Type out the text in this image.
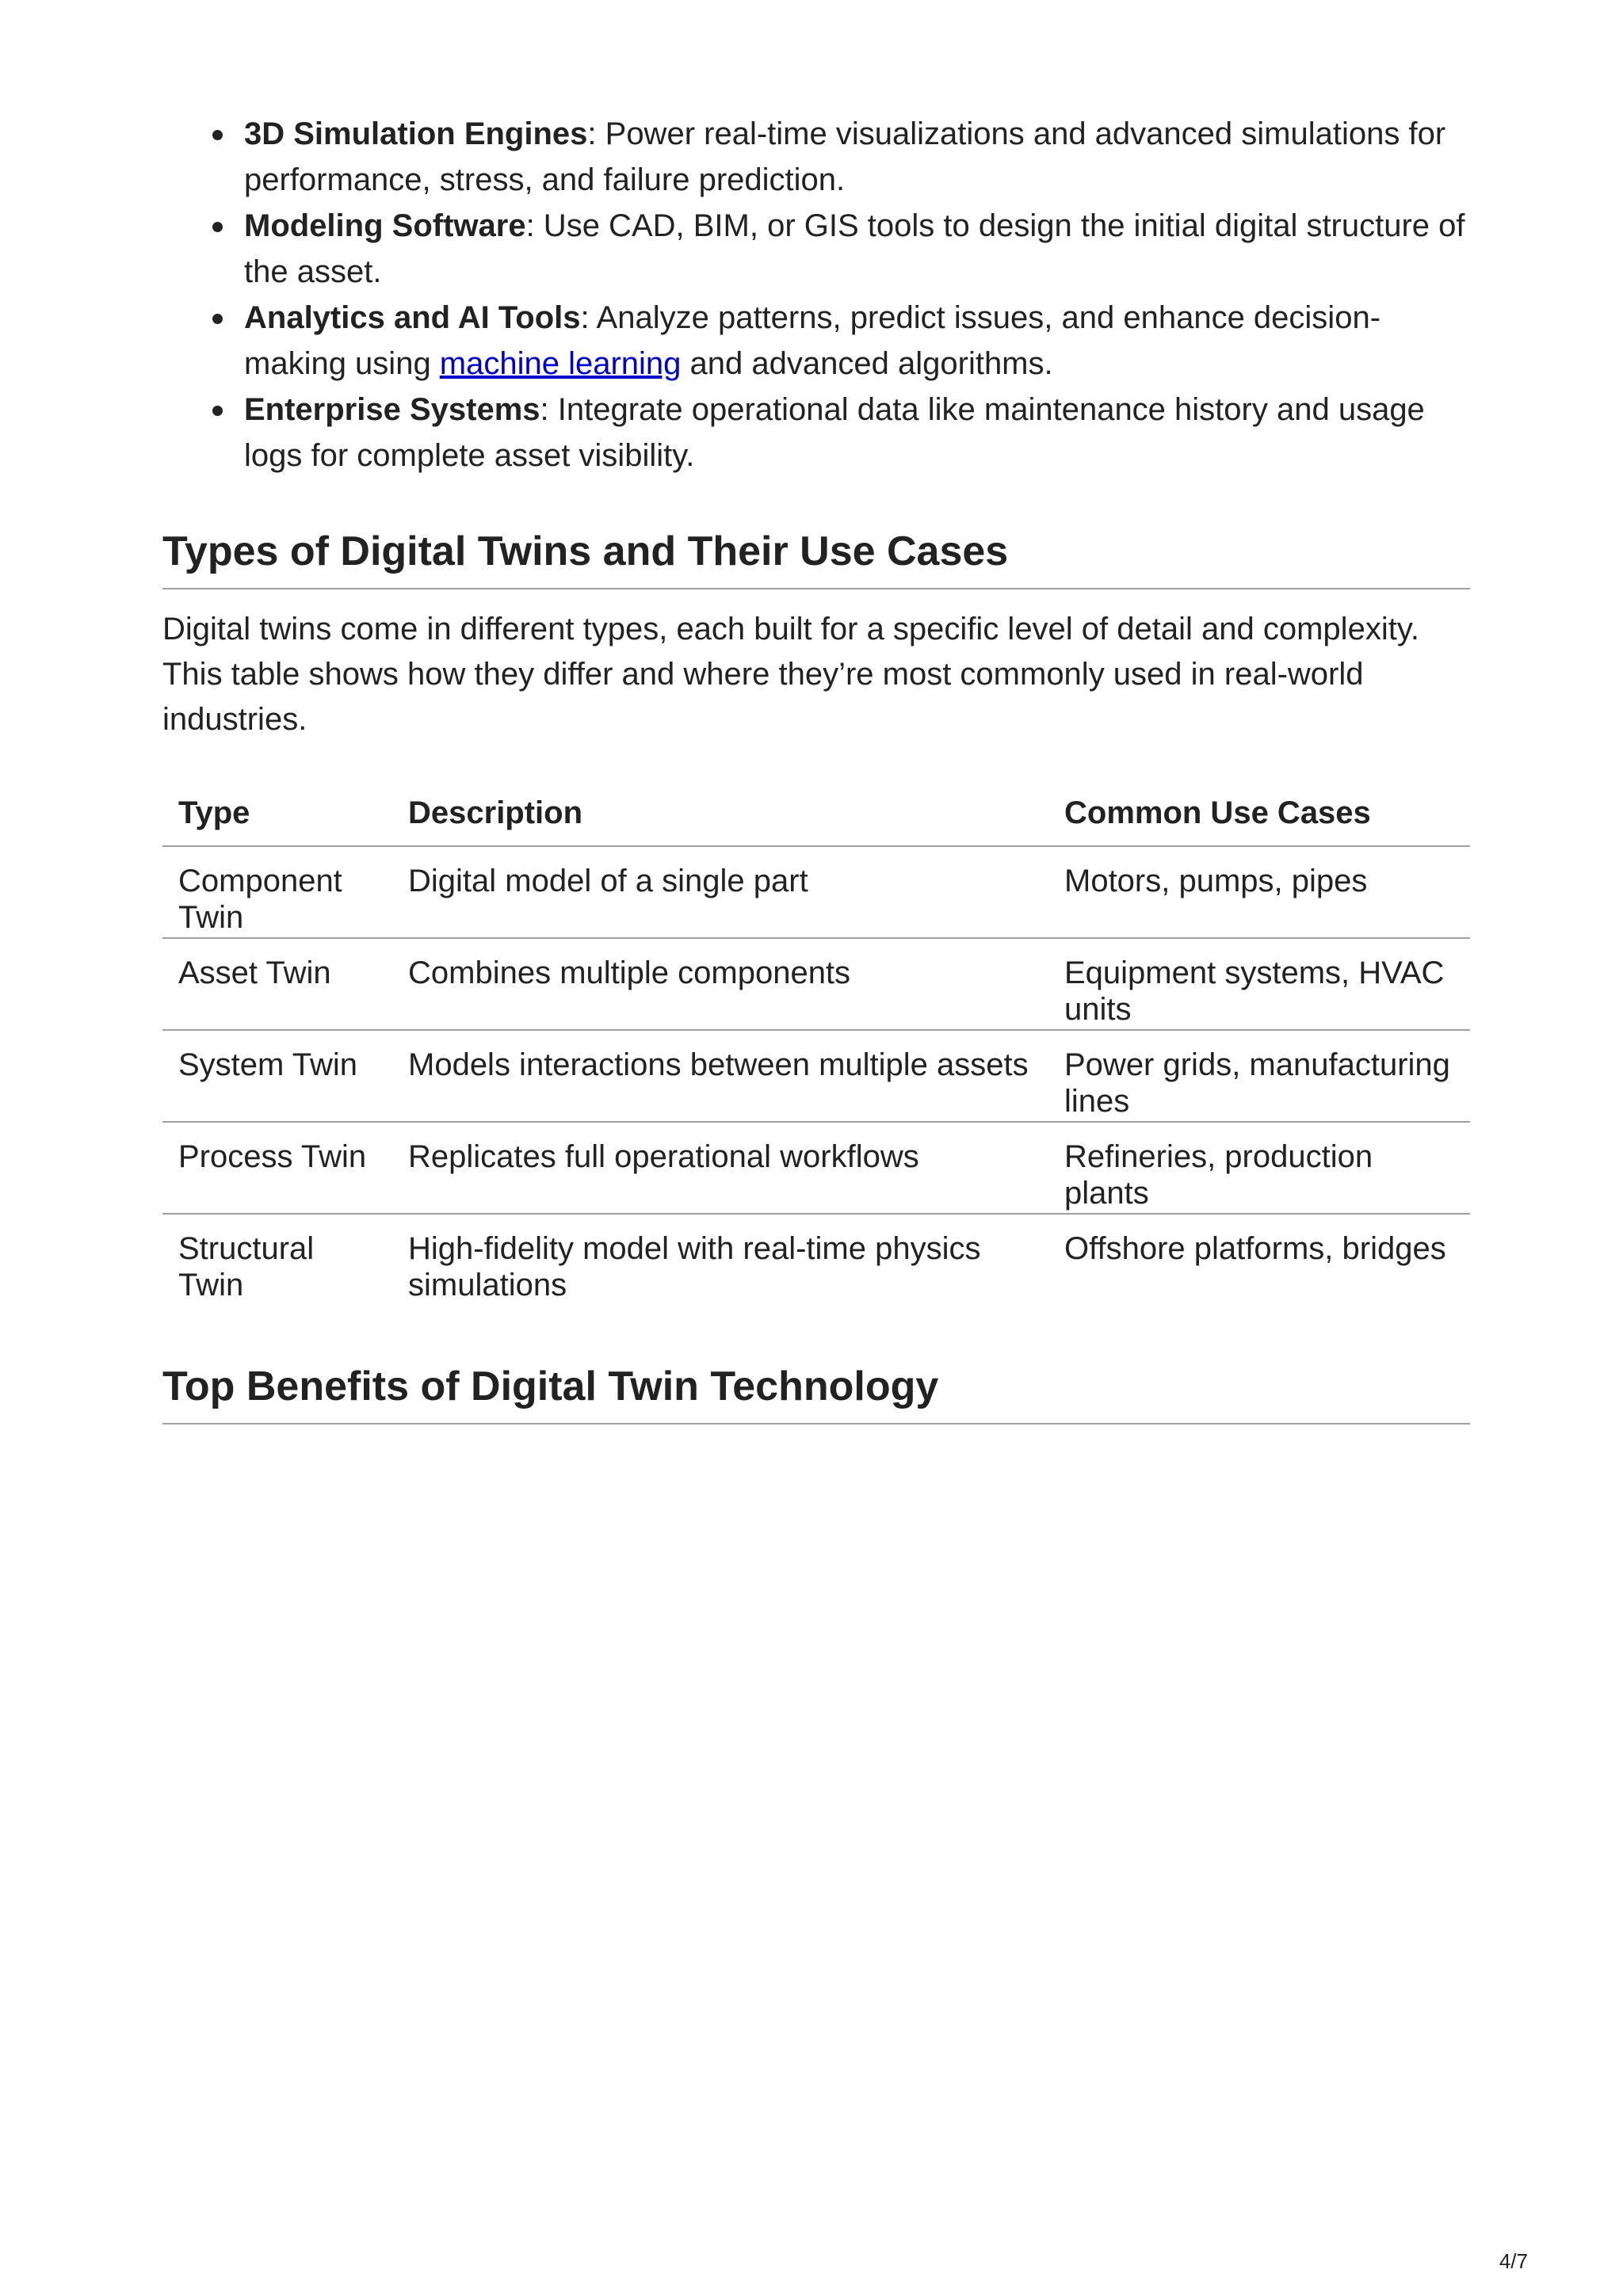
3D Simulation Engines: Power real-time visualizations and advanced simulations for performance, stress, and failure prediction.
Modeling Software: Use CAD, BIM, or GIS tools to design the initial digital structure of the asset.
Analytics and AI Tools: Analyze patterns, predict issues, and enhance decision-making using machine learning and advanced algorithms.
Enterprise Systems: Integrate operational data like maintenance history and usage logs for complete asset visibility.
Types of Digital Twins and Their Use Cases

Digital twins come in different types, each built for a specific level of detail and complexity. This table shows how they differ and where they’re most commonly used in real-world industries.

Type	Description	Common Use Cases
Component Twin	Digital model of a single part	Motors, pumps, pipes
Asset Twin	Combines multiple components	Equipment systems, HVAC units
System Twin	Models interactions between multiple assets	Power grids, manufacturing lines
Process Twin	Replicates full operational workflows	Refineries, production plants
Structural Twin	High-fidelity model with real-time physics simulations	Offshore platforms, bridges
Top Benefits of Digital Twin Technology
4/7
